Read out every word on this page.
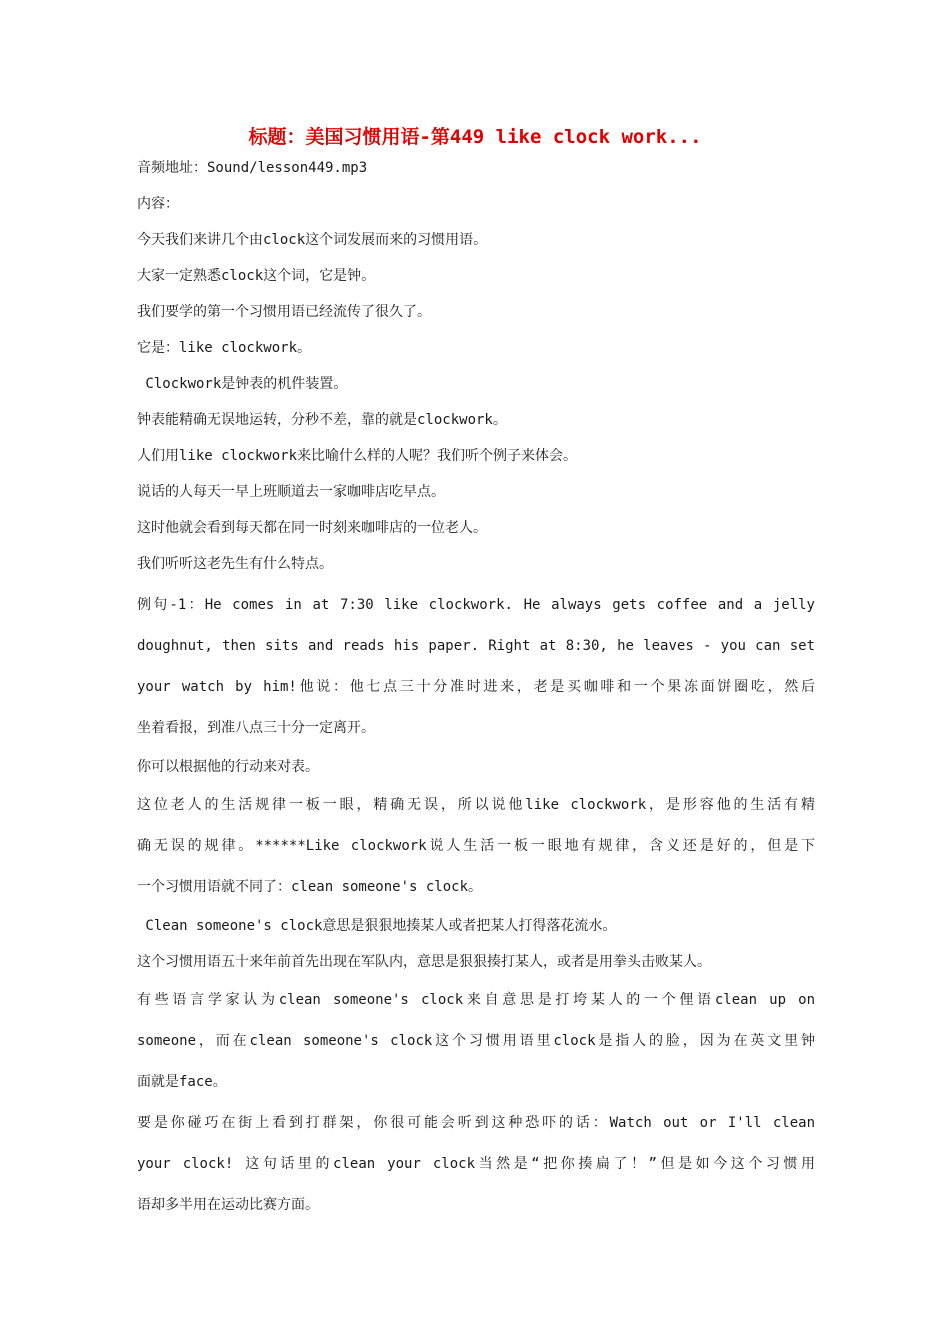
标题：美国习惯用语-第449 like clock work...

音频地址：Sound/lesson449.mp3

内容：

今天我们来讲几个由clock这个词发展而来的习惯用语。

大家一定熟悉clock这个词，它是钟。

我们要学的第一个习惯用语已经流传了很久了。

它是：like clockwork。

Clockwork是钟表的机件装置。

钟表能精确无误地运转，分秒不差，靠的就是clockwork。

人们用like clockwork来比喻什么样的人呢？我们听个例子来体会。

说话的人每天一早上班顺道去一家咖啡店吃早点。

这时他就会看到每天都在同一时刻来咖啡店的一位老人。

我们听听这老先生有什么特点。

例句-1：He comes in at 7:30 like clockwork. He always gets coffee and a jelly
doughnut, then sits and reads his paper. Right at 8:30, he leaves - you can set
your watch by him!他说：他七点三十分准时进来，老是买咖啡和一个果冻面饼圈吃，然后
坐着看报，到准八点三十分一定离开。

你可以根据他的行动来对表。

这位老人的生活规律一板一眼，精确无误，所以说他like clockwork，是形容他的生活有精
确无误的规律。******Like clockwork说人生活一板一眼地有规律，含义还是好的，但是下
一个习惯用语就不同了：clean someone's clock。

Clean someone's clock意思是狠狠地揍某人或者把某人打得落花流水。

这个习惯用语五十来年前首先出现在军队内，意思是狠狠揍打某人，或者是用拳头击败某人。

有些语言学家认为clean someone's clock来自意思是打垮某人的一个俚语clean up on
someone，而在clean someone's clock这个习惯用语里clock是指人的脸，因为在英文里钟
面就是face。
要是你碰巧在街上看到打群架，你很可能会听到这种恐吓的话：Watch out or I'll clean
your clock! 这句话里的clean your clock当然是“把你揍扁了！”但是如今这个习惯用
语却多半用在运动比赛方面。
